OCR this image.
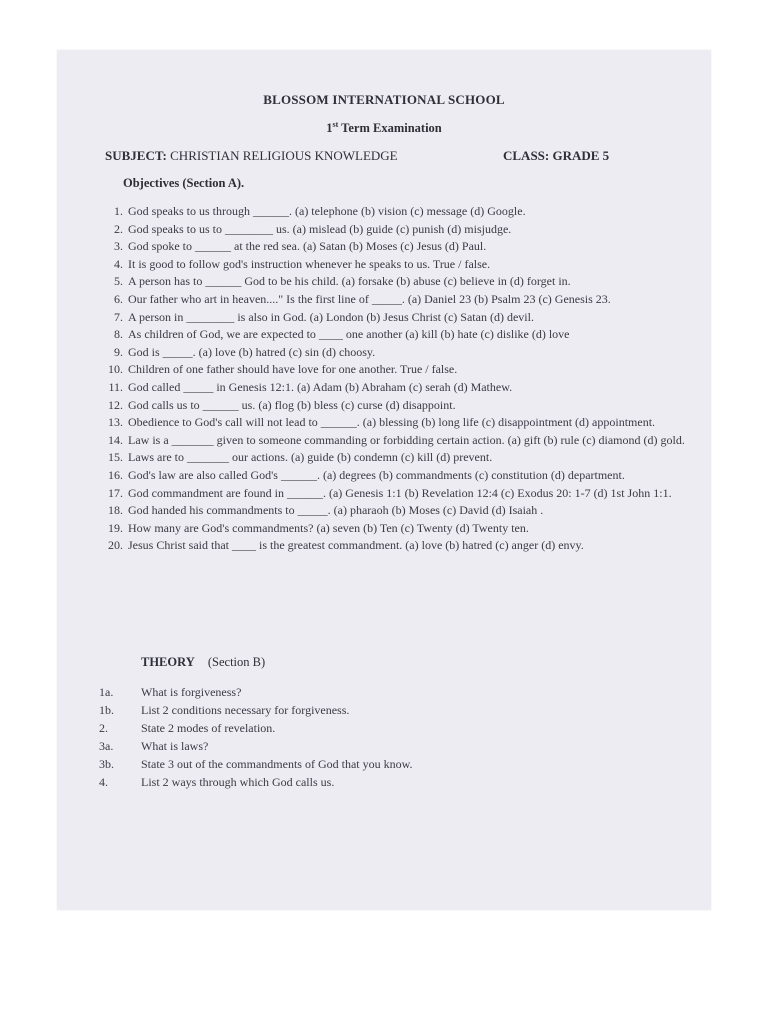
BLOSSOM INTERNATIONAL SCHOOL
1st Term Examination
SUBJECT: CHRISTIAN RELIGIOUS KNOWLEDGE	CLASS: GRADE 5
Objectives (Section A).
1. God speaks to us through ______. (a) telephone (b) vision (c) message (d) Google.
2. God speaks to us to ________ us. (a) mislead (b) guide (c) punish (d) misjudge.
3. God spoke to ______ at the red sea. (a) Satan (b) Moses (c) Jesus (d) Paul.
4. It is good to follow god's instruction whenever he speaks to us. True / false.
5. A person has to ______ God to be his child. (a) forsake (b) abuse (c) believe in (d) forget in.
6. Our father who art in heaven...." Is the first line of _____. (a) Daniel 23 (b) Psalm 23 (c) Genesis 23.
7. A person in ________ is also in God. (a) London (b) Jesus Christ (c) Satan (d) devil.
8. As children of God, we are expected to ____ one another (a) kill (b) hate (c) dislike (d) love
9. God is _____. (a) love (b) hatred (c) sin (d) choosy.
10. Children of one father should have love for one another. True / false.
11. God called _____ in Genesis 12:1. (a) Adam (b) Abraham (c) serah (d) Mathew.
12. God calls us to ______ us. (a) flog (b) bless (c) curse (d) disappoint.
13. Obedience to God's call will not lead to ______. (a) blessing (b) long life (c) disappointment (d) appointment.
14. Law is a _______ given to someone commanding or forbidding certain action. (a) gift (b) rule (c) diamond (d) gold.
15. Laws are to _______ our actions. (a) guide (b) condemn (c) kill (d) prevent.
16. God's law are also called God's ______. (a) degrees (b) commandments (c) constitution (d) department.
17. God commandment are found in ______. (a) Genesis 1:1 (b) Revelation 12:4 (c) Exodus 20: 1-7 (d) 1st John 1:1.
18. God handed his commandments to _____. (a) pharaoh (b) Moses (c) David (d) Isaiah .
19. How many are God's commandments? (a) seven (b) Ten (c) Twenty (d) Twenty ten.
20. Jesus Christ said that ____ is the greatest commandment. (a) love (b) hatred (c) anger (d) envy.
THEORY (Section B)
1a.	What is forgiveness?
1b.	List 2 conditions necessary for forgiveness.
2.	State 2 modes of revelation.
3a.	What is laws?
3b.	State 3 out of the commandments of God that you know.
4.	List 2 ways through which God calls us.
